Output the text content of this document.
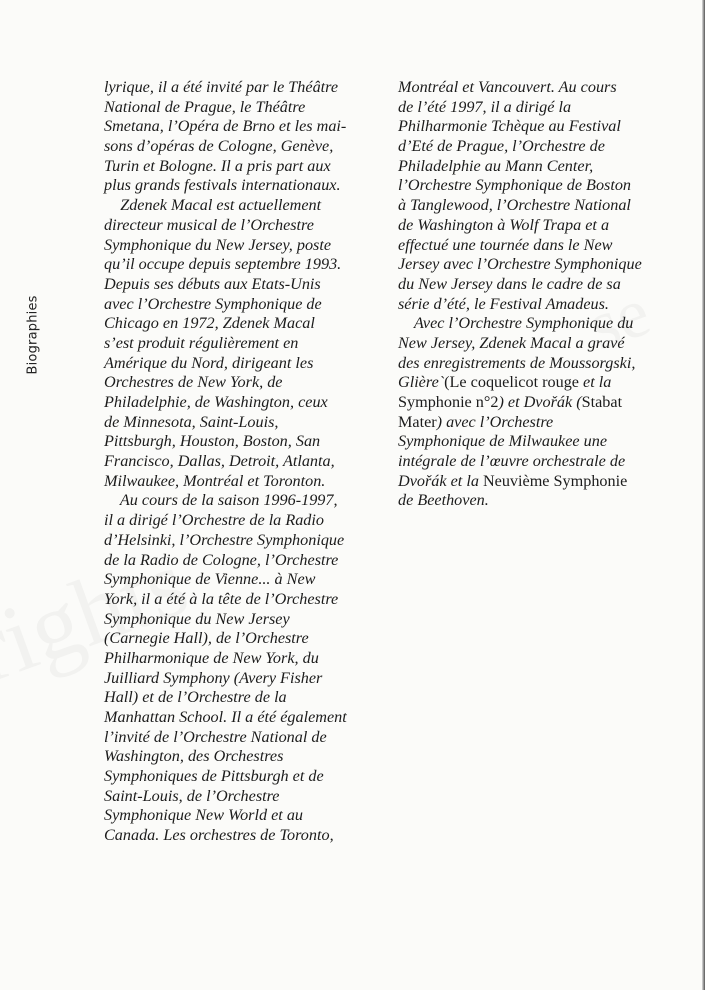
Biographies
lyrique, il a été invité par le Théâtre
National de Prague, le Théâtre
Smetana, l’Opéra de Brno et les mai-
sons d’opéras de Cologne, Genève,
Turin et Bologne. Il a pris part aux
plus grands festivals internationaux.
Zdenek Macal est actuellement
directeur musical de l’Orchestre
Symphonique du New Jersey, poste
qu’il occupe depuis septembre 1993.
Depuis ses débuts aux Etats-Unis
avec l’Orchestre Symphonique de
Chicago en 1972, Zdenek Macal
s’est produit régulièrement en
Amérique du Nord, dirigeant les
Orchestres de New York, de
Philadelphie, de Washington, ceux
de Minnesota, Saint-Louis,
Pittsburgh, Houston, Boston, San
Francisco, Dallas, Detroit, Atlanta,
Milwaukee, Montréal et Toronton.
Au cours de la saison 1996-1997,
il a dirigé l’Orchestre de la Radio
d’Helsinki, l’Orchestre Symphonique
de la Radio de Cologne, l’Orchestre
Symphonique de Vienne... à New
York, il a été à la tête de l’Orchestre
Symphonique du New Jersey
(Carnegie Hall), de l’Orchestre
Philharmonique de New York, du
Juilliard Symphony (Avery Fisher
Hall) et de l’Orchestre de la
Manhattan School. Il a été également
l’invité de l’Orchestre National de
Washington, des Orchestres
Symphoniques de Pittsburgh et de
Saint-Louis, de l’Orchestre
Symphonique New World et au
Canada. Les orchestres de Toronto,
Montréal et Vancouvert. Au cours
de l’été 1997, il a dirigé la
Philharmonie Tchèque au Festival
d’Eté de Prague, l’Orchestre de
Philadelphie au Mann Center,
l’Orchestre Symphonique de Boston
à Tanglewood, l’Orchestre National
de Washington à Wolf Trapa et a
effectué une tournée dans le New
Jersey avec l’Orchestre Symphonique
du New Jersey dans le cadre de sa
série d’été, le Festival Amadeus.
Avec l’Orchestre Symphonique du
New Jersey, Zdenek Macal a gravé
des enregistrements de Moussorgski,
Glière`(Le coquelicot rouge et la
Symphonie n°2) et Dvořák (Stabat
Mater) avec l’Orchestre
Symphonique de Milwaukee une
intégrale de l’œuvre orchestrale de
Dvořák et la Neuvième Symphonie
de Beethoven.
